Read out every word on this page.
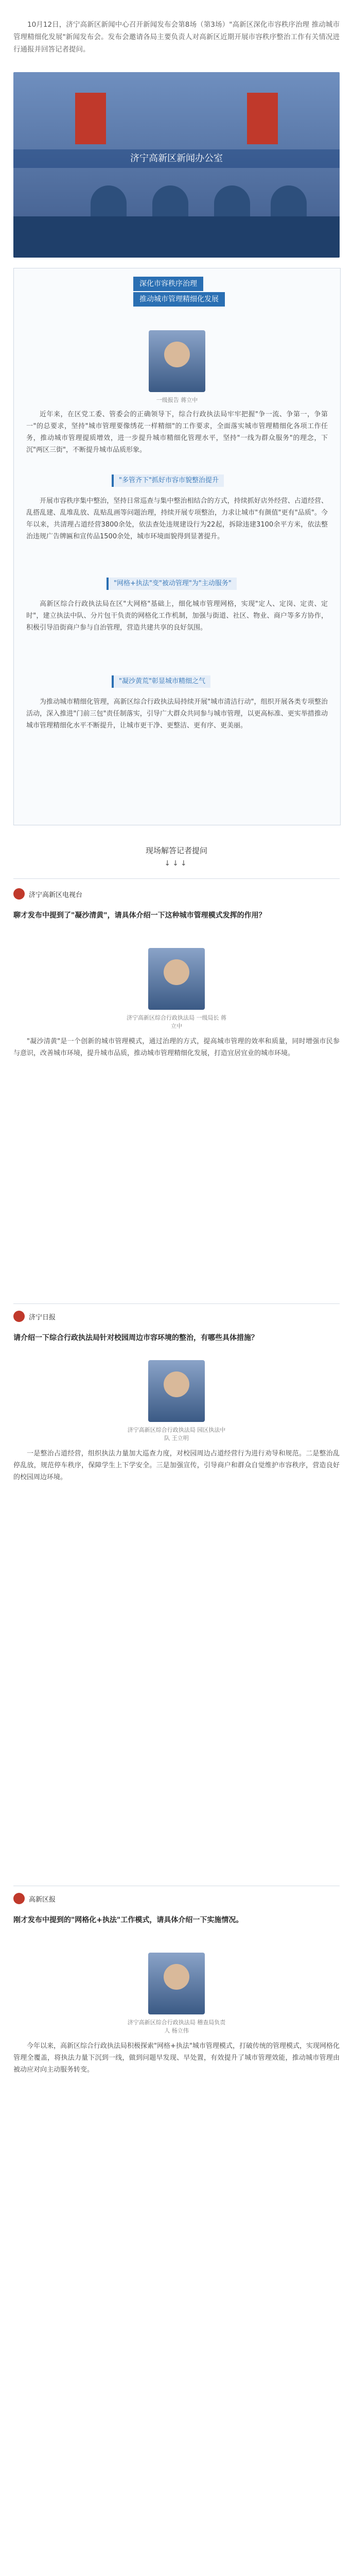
10月12日，济宁高新区新闻中心召开新闻发布会第8场（第3场）"高新区深化市容秩序治理 推动城市管理精细化发展"新闻发布会。发布会邀请各局主要负责人对高新区近期开展市容秩序整治工作有关情况进行通报并回答记者提问。

济宁高新区新闻办公室
深化市容秩序治理
推动城市管理精细化发展
一级报告 蒋立中

近年来，在区党工委、管委会的正确领导下，综合行政执法局牢牢把握"争一流、争第一，争第一"的总要求，坚持"城市管理要像绣花一样精细"的工作要求，全面落实城市管理精细化各项工作任务，推动城市管理提质增效，进一步提升城市精细化管理水平，坚持"一线为群众服务"的理念，下沉"两区三街"，不断提升城市品质形象。

"多管齐下"抓好市容市貌整治提升

开展市容秩序集中整治，坚持日常巡查与集中整治相结合的方式，持续抓好店外经营、占道经营、乱搭乱建、乱堆乱放、乱贴乱画等问题治理，持续开展专项整治，力求让城市"有颜值"更有"品质"。今年以来，共清理占道经营3800余处，依法查处违规建设行为22起，拆除违建3100余平方米，依法整治违规广告牌匾和宣传品1500余处，城市环境面貌得到显著提升。

"网格+执法"变"被动管理"为"主动服务"

高新区综合行政执法局在区"大网格"基础上，细化城市管理网格，实现"定人、定岗、定责、定时"，建立执法中队、分片包干负责的网格化工作机制，加强与街道、社区、物业、商户等多方协作，积极引导沿街商户参与自治管理，营造共建共享的良好氛围。

"凝沙黄荒"彰显城市精细之气

为推动城市精细化管理，高新区综合行政执法局持续开展"城市清洁行动"，组织开展各类专项整治活动，深入推进"门前三包"责任制落实，引导广大群众共同参与城市管理，以更高标准、更实举措推动城市管理精细化水平不断提升，让城市更干净、更整洁、更有序、更美丽。

现场解答记者提问
↓↓↓
济宁高新区电视台
聊才发布中提到了"凝沙清黄"，请具体介绍一下这种城市管理模式发挥的作用？
济宁高新区综合行政执法局 一级局长 蒋立中

"凝沙清黄"是一个创新的城市管理模式，通过治理的方式，提高城市管理的效率和质量，同时增强市民参与意识，改善城市环境，提升城市品质，推动城市管理精细化发展，打造宜居宜业的城市环境。

济宁日报
请介绍一下综合行政执法局针对校园周边市容环境的整治，有哪些具体措施？
济宁高新区综合行政执法局 园区执法中队 王立明

一是整治占道经营，组织执法力量加大巡查力度，对校园周边占道经营行为进行劝导和规范。二是整治乱停乱放，规范停车秩序，保障学生上下学安全。三是加强宣传，引导商户和群众自觉维护市容秩序，营造良好的校园周边环境。

高新区报
刚才发布中提到的"网格化+执法"工作模式，请具体介绍一下实施情况。
济宁高新区综合行政执法局 稽查局负责人 杨立伟

今年以来，高新区综合行政执法局积极探索"网格+执法"城市管理模式，打破传统的管理模式，实现网格化管理全覆盖，将执法力量下沉到一线，做到问题早发现、早处置，有效提升了城市管理效能，推动城市管理由被动应对向主动服务转变。
